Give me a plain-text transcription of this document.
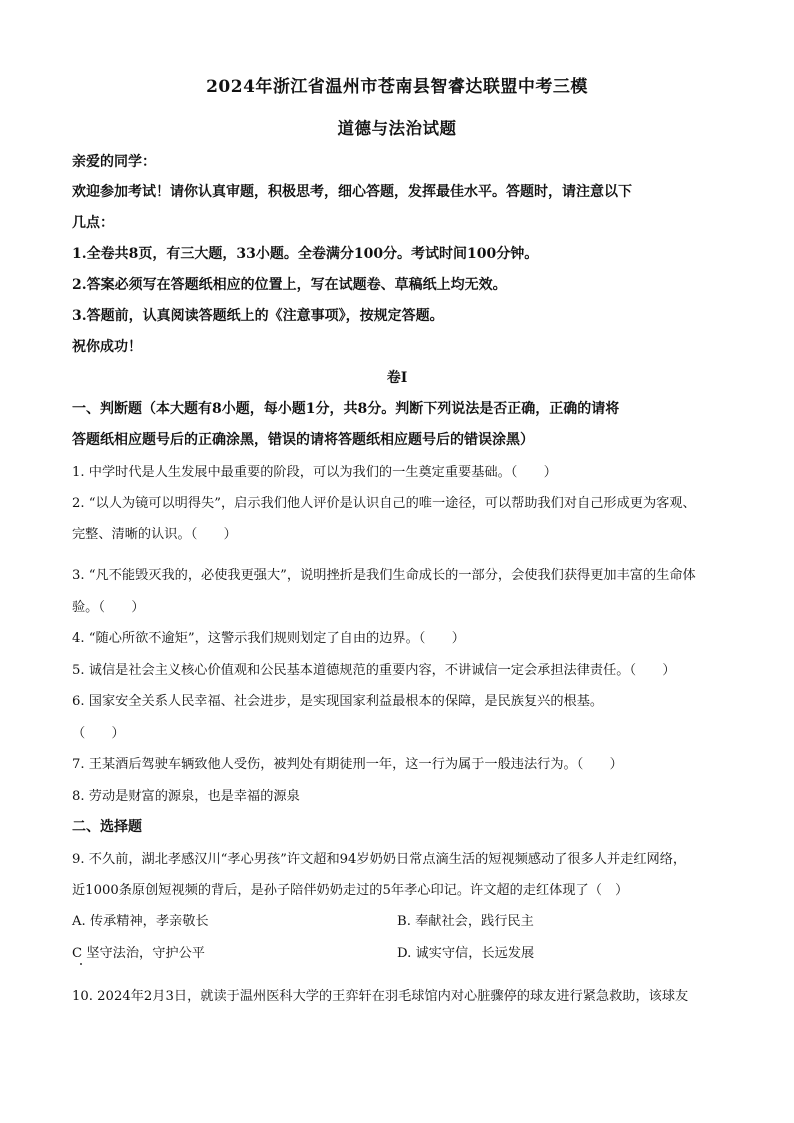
2024年浙江省温州市苍南县智睿达联盟中考三模
道德与法治试题
亲爱的同学：
欢迎参加考试！请你认真审题，积极思考，细心答题，发挥最佳水平。答题时，请注意以下
几点：
1.全卷共8页，有三大题，33小题。全卷满分100分。考试时间100分钟。
2.答案必须写在答题纸相应的位置上，写在试题卷、草稿纸上均无效。
3.答题前，认真阅读答题纸上的《注意事项》，按规定答题。
祝你成功！
卷I
一、判断题（本大题有8小题，每小题1分，共8分。判断下列说法是否正确，正确的请将
答题纸相应题号后的正确涂黑，错误的请将答题纸相应题号后的错误涂黑）
1. 中学时代是人生发展中最重要的阶段，可以为我们的一生奠定重要基础。（　　）
2. “以人为镜可以明得失”，启示我们他人评价是认识自己的唯一途径，可以帮助我们对自己形成更为客观、
完整、清晰的认识。（　　）
3. “凡不能毁灭我的，必使我更强大”，说明挫折是我们生命成长的一部分，会使我们获得更加丰富的生命体
验。（　　）
4. “随心所欲不逾矩”，这警示我们规则划定了自由的边界。（　　）
5. 诚信是社会主义核心价值观和公民基本道德规范的重要内容，不讲诚信一定会承担法律责任。（　　）
6. 国家安全关系人民幸福、社会进步，是实现国家利益最根本的保障，是民族复兴的根基。
（　　）
7. 王某酒后驾驶车辆致他人受伤，被判处有期徒刑一年，这一行为属于一般违法行为。（　　）
8. 劳动是财富的源泉，也是幸福的源泉
二、选择题
9. 不久前，湖北孝感汉川“孝心男孩”许文超和94岁奶奶日常点滴生活的短视频感动了很多人并走红网络，
近1000条原创短视频的背后，是孙子陪伴奶奶走过的5年孝心印记。许文超的走红体现了（　）
A. 传承精神，孝亲敬长	B. 奉献社会，践行民主
C 坚守法治，守护公平	D. 诚实守信，长远发展
10. 2024年2月3日，就读于温州医科大学的王弈轩在羽毛球馆内对心脏骤停的球友进行紧急救助，该球友
